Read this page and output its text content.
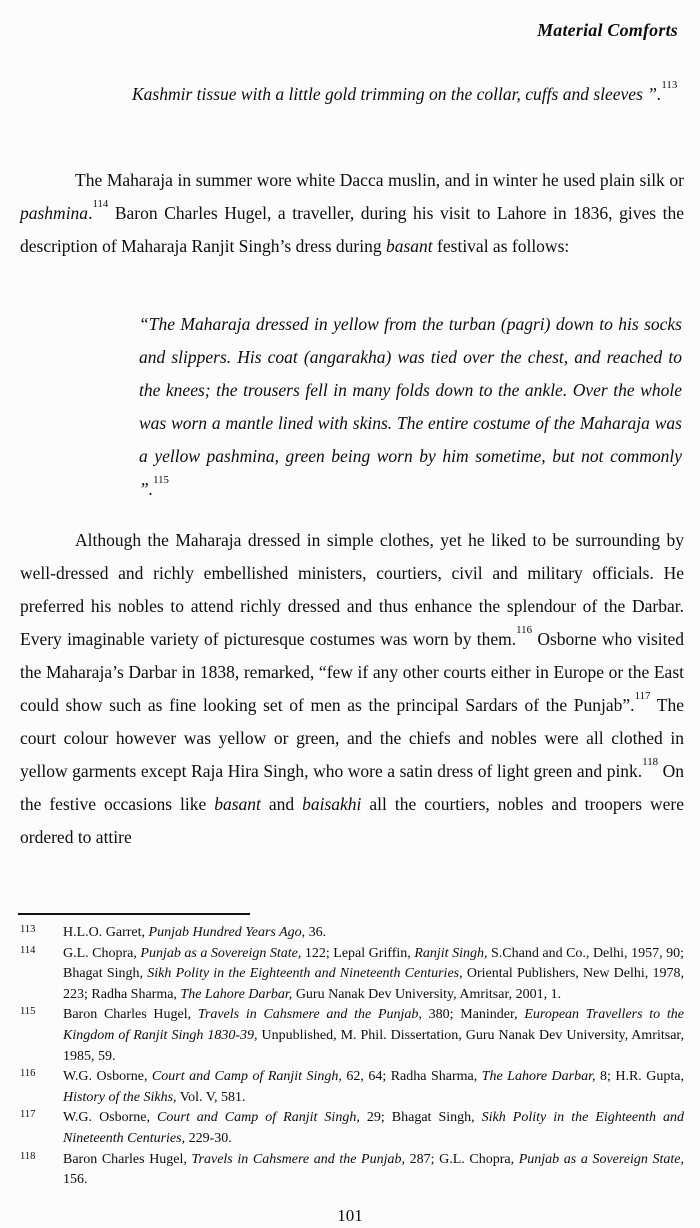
Material Comforts
Kashmir tissue with a little gold trimming on the collar, cuffs and sleeves ”.$^{113}$
The Maharaja in summer wore white Dacca muslin, and in winter he used plain silk or pashmina.$^{114}$ Baron Charles Hugel, a traveller, during his visit to Lahore in 1836, gives the description of Maharaja Ranjit Singh’s dress during basant festival as follows:
“The Maharaja dressed in yellow from the turban (pagri) down to his socks and slippers. His coat (angarakha) was tied over the chest, and reached to the knees; the trousers fell in many folds down to the ankle. Over the whole was worn a mantle lined with skins. The entire costume of the Maharaja was a yellow pashmina, green being worn by him sometime, but not commonly ”.$^{115}$
Although the Maharaja dressed in simple clothes, yet he liked to be surrounding by well-dressed and richly embellished ministers, courtiers, civil and military officials. He preferred his nobles to attend richly dressed and thus enhance the splendour of the Darbar. Every imaginable variety of picturesque costumes was worn by them.$^{116}$ Osborne who visited the Maharaja’s Darbar in 1838, remarked, “few if any other courts either in Europe or the East could show such as fine looking set of men as the principal Sardars of the Punjab”.$^{117}$ The court colour however was yellow or green, and the chiefs and nobles were all clothed in yellow garments except Raja Hira Singh, who wore a satin dress of light green and pink.$^{118}$ On the festive occasions like basant and baisakhi all the courtiers, nobles and troopers were ordered to attire
113 H.L.O. Garret, Punjab Hundred Years Ago, 36.
114 G.L. Chopra, Punjab as a Sovereign State, 122; Lepal Griffin, Ranjit Singh, S.Chand and Co., Delhi, 1957, 90; Bhagat Singh, Sikh Polity in the Eighteenth and Nineteenth Centuries, Oriental Publishers, New Delhi, 1978, 223; Radha Sharma, The Lahore Darbar, Guru Nanak Dev University, Amritsar, 2001, 1.
115 Baron Charles Hugel, Travels in Cahsmere and the Punjab, 380; Maninder, European Travellers to the Kingdom of Ranjit Singh 1830-39, Unpublished, M. Phil. Dissertation, Guru Nanak Dev University, Amritsar, 1985, 59.
116 W.G. Osborne, Court and Camp of Ranjit Singh, 62, 64; Radha Sharma, The Lahore Darbar, 8; H.R. Gupta, History of the Sikhs, Vol. V, 581.
117 W.G. Osborne, Court and Camp of Ranjit Singh, 29; Bhagat Singh, Sikh Polity in the Eighteenth and Nineteenth Centuries, 229-30.
118 Baron Charles Hugel, Travels in Cahsmere and the Punjab, 287; G.L. Chopra, Punjab as a Sovereign State, 156.
101
